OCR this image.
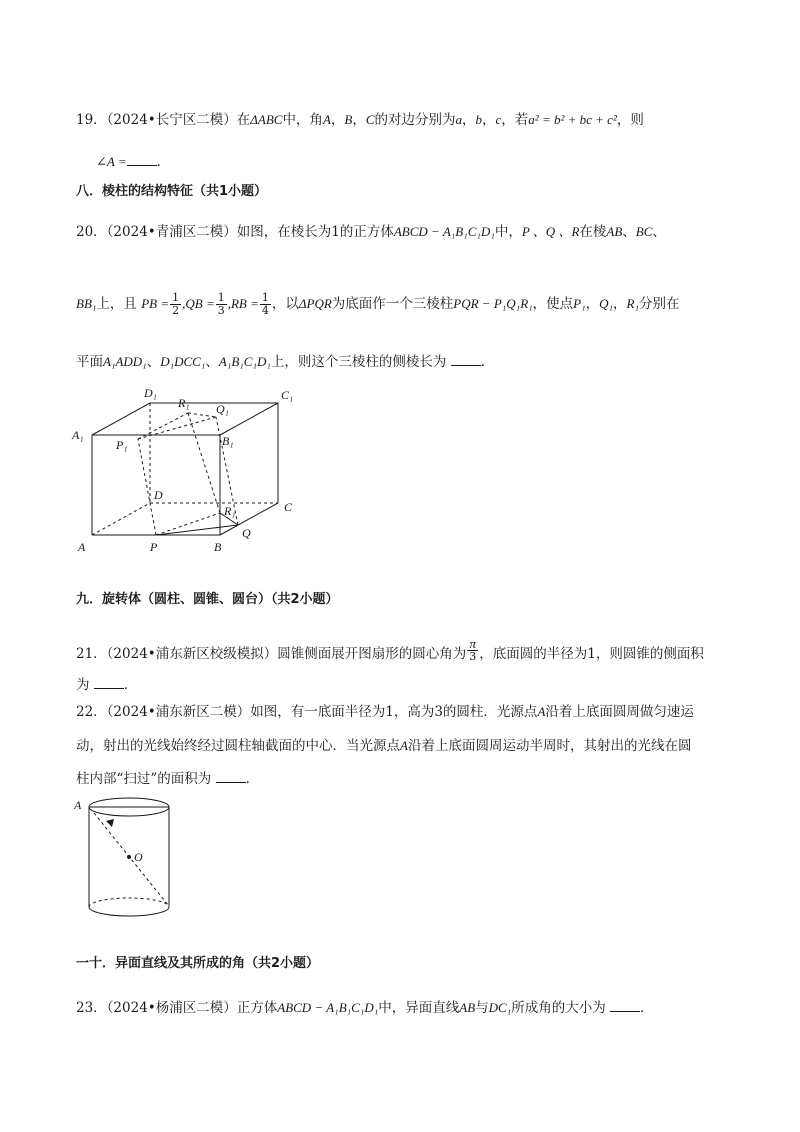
19．（2024•长宁区二模）在ΔABC中，角A，B，C的对边分别为a，b，c，若a² = b² + bc + c²，则
∠A = ．
八．棱柱的结构特征（共1小题）
20．（2024•青浦区二模）如图，在棱长为1的正方体ABCD − A₁B₁C₁D₁中，P 、Q 、R在棱AB、BC、
BB₁上，且 PB = $\frac{1}{2} ,QB = \frac{1}{3} ,RB = \frac{1}{4}$ ，以ΔPQR为底面作一个三棱柱PQR − P₁Q₁R₁，使点P₁，Q₁，R₁分别在
平面A₁ADD₁、D₁DCC₁、A₁B₁C₁D₁上，则这个三棱柱的侧棱长为	．
D₁	C₁
A₁	B₁
P₁
Q₁
R₁
D
C
A	B
P
Q
R₁
九．旋转体（圆柱、圆锥、圆台）（共2小题）
21．（2024•浦东新区校级模拟）圆锥侧面展开图扇形的圆心角为 $\frac{\pi}{3}$ ，底面圆的半径为1，则圆锥的侧面积
为	．
22．（2024•浦东新区二模）如图，有一底面半径为1，高为3的圆柱．光源点A沿着上底面圆周做匀速运
动，射出的光线始终经过圆柱轴截面的中心．当光源点A沿着上底面圆周运动半周时，其射出的光线在圆
柱内部“扫过”的面积为	．
A
O
一十．异面直线及其所成的角（共2小题）
23．（2024•杨浦区二模）正方体ABCD − A₁B₁C₁D₁中，异面直线AB与DC₁所成角的大小为	．
